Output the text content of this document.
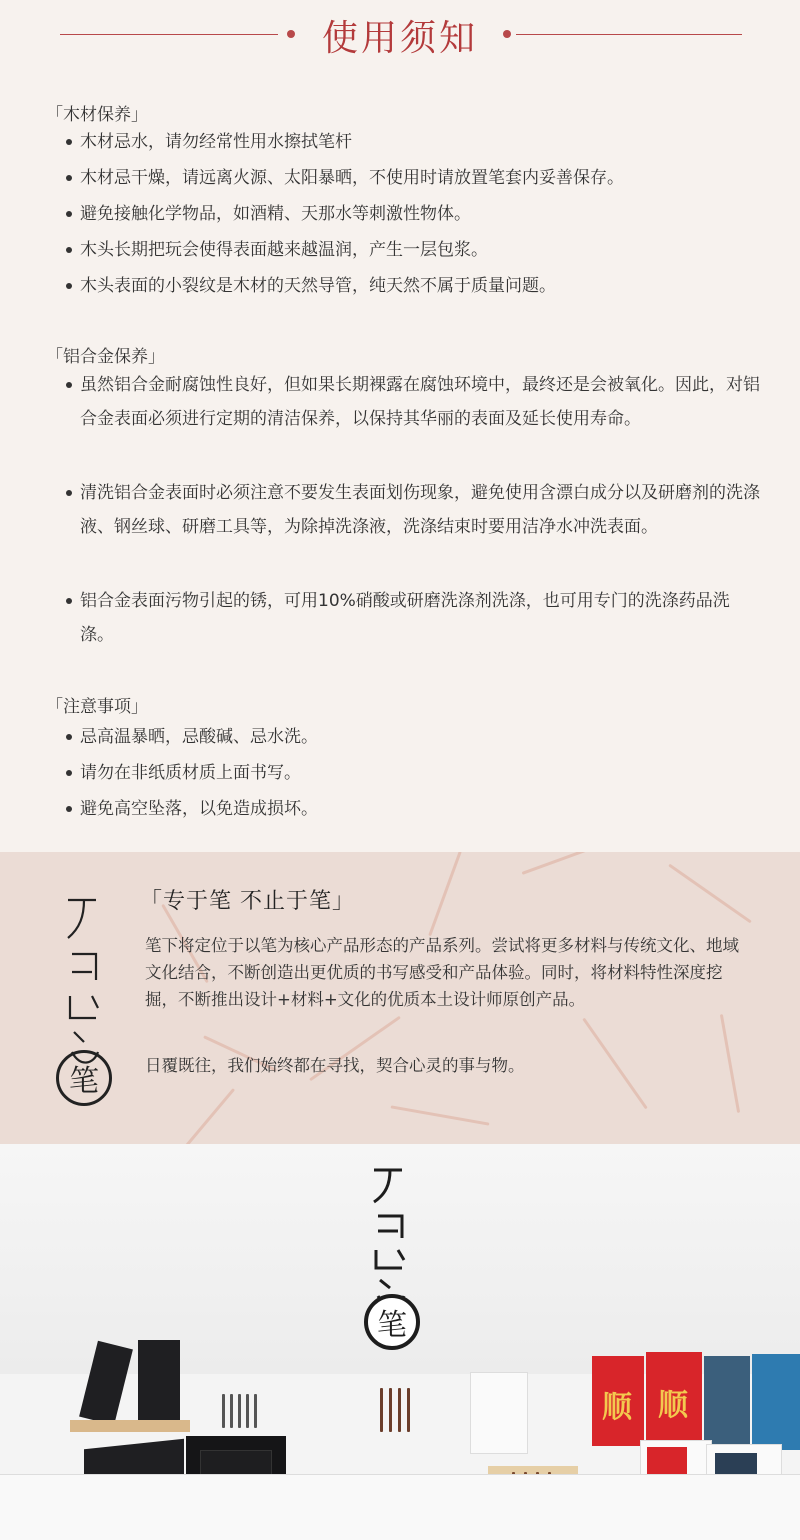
使用须知
「木材保养」
木材忌水，请勿经常性用水擦拭笔杆
木材忌干燥，请远离火源、太阳暴晒，不使用时请放置笔套内妥善保存。
避免接触化学物品，如酒精、天那水等刺激性物体。
木头长期把玩会使得表面越来越温润，产生一层包浆。
木头表面的小裂纹是木材的天然导管，纯天然不属于质量问题。
「铝合金保养」
虽然铝合金耐腐蚀性良好，但如果长期裸露在腐蚀环境中，最终还是会被氧化。因此，对铝合金表面必须进行定期的清洁保养，以保持其华丽的表面及延长使用寿命。
清洗铝合金表面时必须注意不要发生表面划伤现象，避免使用含漂白成分以及研磨剂的洗涤液、钢丝球、研磨工具等，为除掉洗涤液，洗涤结束时要用洁净水冲洗表面。
铝合金表面污物引起的锈，可用10%硝酸或研磨洗涤剂洗涤，也可用专门的洗涤药品洗涤。
「注意事项」
忌高温暴晒，忌酸碱、忌水洗。
请勿在非纸质材质上面书写。
避免高空坠落，以免造成损坏。
笔
「专于笔 不止于笔」
笔下将定位于以笔为核心产品形态的产品系列。尝试将更多材料与传统文化、地域文化结合，不断创造出更优质的书写感受和产品体验。同时，将材料特性深度挖掘，不断推出设计+材料+文化的优质本土设计师原创产品。
日覆既往，我们始终都在寻找，契合心灵的事与物。
笔
顺 顺
